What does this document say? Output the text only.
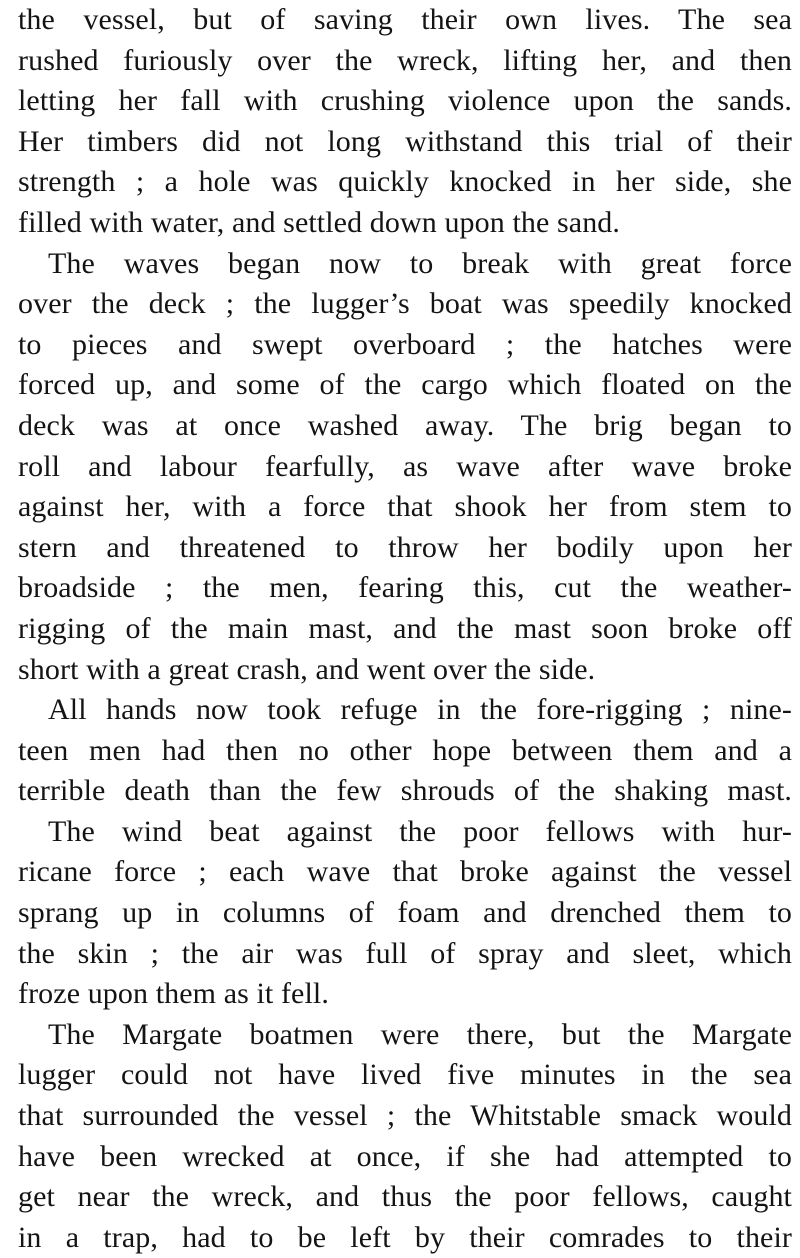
the vessel, but of saving their own lives. The sea
rushed furiously over the wreck, lifting her, and then
letting her fall with crushing violence upon the sands.
Her timbers did not long withstand this trial of their
strength ; a hole was quickly knocked in her side, she
filled with water, and settled down upon the sand.
The waves began now to break with great force
over the deck ; the lugger’s boat was speedily knocked
to pieces and swept overboard ; the hatches were
forced up, and some of the cargo which floated on the
deck was at once washed away. The brig began to
roll and labour fearfully, as wave after wave broke
against her, with a force that shook her from stem to
stern and threatened to throw her bodily upon her
broadside ; the men, fearing this, cut the weather-
rigging of the main mast, and the mast soon broke off
short with a great crash, and went over the side.
All hands now took refuge in the fore-rigging ; nine-
teen men had then no other hope between them and a
terrible death than the few shrouds of the shaking mast.
The wind beat against the poor fellows with hur-
ricane force ; each wave that broke against the vessel
sprang up in columns of foam and drenched them to
the skin ; the air was full of spray and sleet, which
froze upon them as it fell.
The Margate boatmen were there, but the Margate
lugger could not have lived five minutes in the sea
that surrounded the vessel ; the Whitstable smack would
have been wrecked at once, if she had attempted to
get near the wreck, and thus the poor fellows, caught
in a trap, had to be left by their comrades to their
